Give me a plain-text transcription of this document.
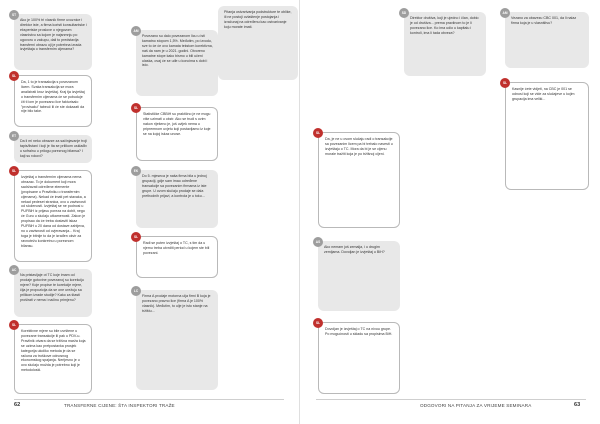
ST

Ako je 100% tri vlasnik firme uvoznice i direktor iste, a firma koristi konsultantske i ekspertske proslove o njegovom vlasnistvu sa kojom je najsnmnju po ugovoru o zakupu, dali to predstavlja transferni obrazu oji je potrebna izrada izvještaja o transfernim cijenama?

SL

Da, 1 to je transakcija s povezanom licem. Svaka transakcija se mora analizirati kroz izvještaj. Kraj tja izvještaj o transfernim cijenama će se pobuduje čit ti iom je povezano lice fakturisalo "provisaku" tabeuč ili će ste dokazati da nije bilo take.

ET

Da li mi neko obrazze za sačinjavanje troji tapis/listani i koji je Ita se prilikom usklađiv u sofralnu u prilogu poreznog bilansa? I kaji su rokovi?

SL

Izvještaj o transfernim cijenama nema obrazac. To je dokument koji mora sadržavati određene elemente (propisane u Pravilniku o transfernim cijenama). Nekad će imati pet stavaka, a nekad pedeset stranica, ovo u zavisnosti od složenosti. Izvještaj se ne podnosi u PUFBiH iz prijavu poreza na dobit, nego će Guru u slučaju utkamenosti. Zakon je propisao da će treba dostaviti iskaz PUFBiH u 20 dana od dostave zahtjeva, no u zavisnosti od ovjeravanja... Kraj toga je bitnije to da je izrađen okvir za ravnotežu konkretnu u poreznom bilansu.

AC

Na pristavljaje ot TC koje imam od prodaje gotovine povezanoj su korekciju mjere? Koje propise te korekcije mjere, čija je propozicija da se one urežuju sa prilikom izrade studije? Kako za štasti proširati v nema i načinu primjenu?

SL

Korektivne mjere su bile uvrštene u povezane transakcije ili pak u PDV-u. Pravilnik otvara da se tržišna marža koja se uzima kao pretpostavka prosjek kategorija ukoliko metoda je da se računa za troškove odnosnog ekonomskog spajanja. Nerijesno je u ovo slučaju možda je potrebno koji je metodoloski.

AM

Povezano su dalo povezanom licu u isti kamatno stopom 1,5%. Međutim, po izvodu, sve to će će ovo kamata tekstom korektivna, naš da nam je u 2021. godini. Otvoreno kamatne stope kako bismo u bili učeni ulaska, ovaj će se uđe u koncima s dobi i isto.

SL

Statističke CBBiH su praktično je ne mogu više uzimati u obzir. Ako se trudi s ovim nakon riješeno je, još uvijek nema u pripremnom uvjetu koji postavljamo iz koje se na kojoj iskaz unose.

EK

Do 5. mjeseca je naša firma bila u jednoj grupaciji, gdje sam imao određene transakcije sa povezanim firmama iz iste grupe. U ovom slučaju prodaje se dala prethodnih prijavi, a kontrola je u toku...

SL

Radi se puten izvještaj o TC, s tim da u njemu treba utvrditi period u kojem ste bili povezani.

LC

Firma A prodaje motorna ulja firmi B koja je povezano pravno lice (firma A je 100% vlasnik). Međutim, to ulje je isto stanje na tržištu...

Pitanja ostvarivanja podstrukture te oblike, ili ne postoji ovlaštenje postojanja i izračunaj na određenu kao ostvarivanje koju morate imati.

62	TRANSFERNE CIJENE: ŠTA INSPEKTORI TRAŽE
SL

Da, je ne u ovom slučaju radi o transakcije sa povezanim licem pa bi trebalo navesti u izvještaju o TC. Mora da bi je se cijenu morale tražiti koja je po tržišnoj cijeni.

AS

Ako nemam još zemalja, i u drugim zemljama. Dovoljan je izvještaj u BiH?

SL

Dovoljan je izvještaj o TC na nivou grupe. Po mogućnosti u skladu sa propisima BiH.

SD

Direktor društva, koji je ujedno i član, dobio je od društva... prema pravilnom to je li povezano lice. Ko ima udio u kapitalu i kontroli, ima li tada obveza?

AM

Vezano za obavezu CBC 001, da li nalaz firma koja je u vlasništvu?

SL

Kasnije ćete vidjeti, na CBC je 001 se odnosi koji se vide za slučajeve u kojim grupacija ima veliki...

ODGOVORI NA PITANJA ZA VRIJEME SEMINARA	63
